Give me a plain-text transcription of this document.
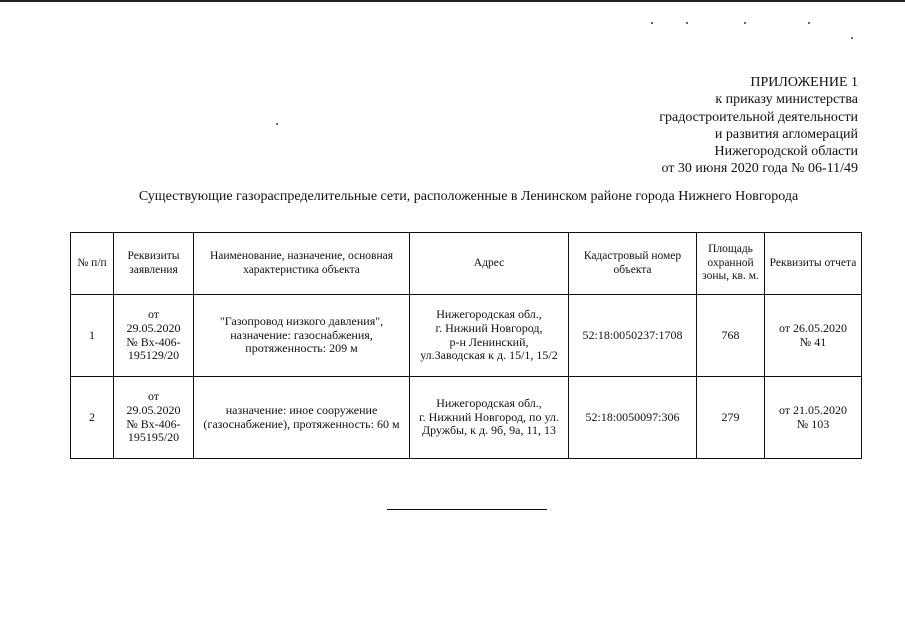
ПРИЛОЖЕНИЕ 1
к приказу министерства
градостроительной деятельности
и развития агломераций
Нижегородской области
от 30 июня 2020 года № 06-11/49
Существующие газораспределительные сети, расположенные в Ленинском районе города Нижнего Новгорода
№ п/п	Реквизиты заявления	Наименование, назначение, основная характеристика объекта	Адрес	Кадастровый номер объекта	Площадь охранной зоны, кв. м.	Реквизиты отчета
1	от
29.05.2020
№ Вх-406-
195129/20	"Газопровод низкого давления",
назначение: газоснабжения,
протяженность: 209 м	Нижегородская обл.,
г. Нижний Новгород,
р-н Ленинский,
ул.Заводская к д. 15/1, 15/2	52:18:0050237:1708	768	от 26.05.2020
№ 41

2	от
29.05.2020
№ Вх-406-
195195/20	назначение: иное сооружение
(газоснабжение), протяженность: 60 м	Нижегородская обл.,
г. Нижний Новгород, по ул.
Дружбы, к д. 9б, 9а, 11, 13	52:18:0050097:306	279	от 21.05.2020
№ 103
